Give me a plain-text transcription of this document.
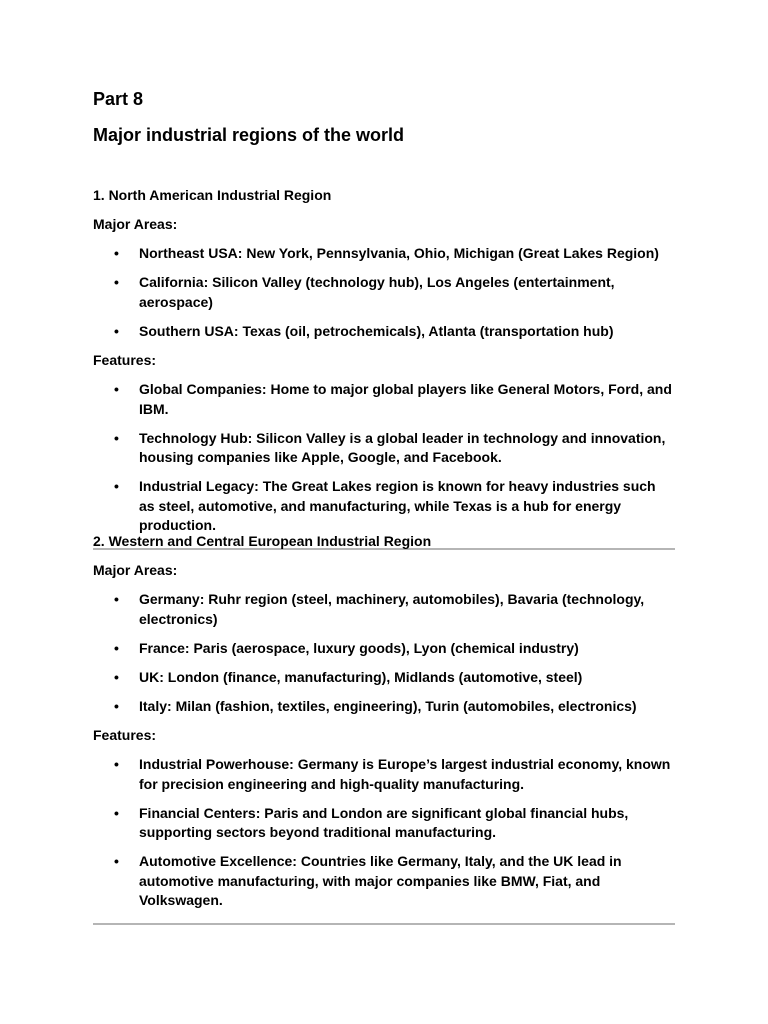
Part 8
Major industrial regions of the world
1. North American Industrial Region

Major Areas:

• Northeast USA: New York, Pennsylvania, Ohio, Michigan (Great Lakes Region)
• California: Silicon Valley (technology hub), Los Angeles (entertainment, aerospace)
• Southern USA: Texas (oil, petrochemicals), Atlanta (transportation hub)

Features:

• Global Companies: Home to major global players like General Motors, Ford, and IBM.
• Technology Hub: Silicon Valley is a global leader in technology and innovation, housing companies like Apple, Google, and Facebook.
• Industrial Legacy: The Great Lakes region is known for heavy industries such as steel, automotive, and manufacturing, while Texas is a hub for energy production.
2. Western and Central European Industrial Region

Major Areas:

• Germany: Ruhr region (steel, machinery, automobiles), Bavaria (technology, electronics)
• France: Paris (aerospace, luxury goods), Lyon (chemical industry)
• UK: London (finance, manufacturing), Midlands (automotive, steel)
• Italy: Milan (fashion, textiles, engineering), Turin (automobiles, electronics)

Features:

• Industrial Powerhouse: Germany is Europe’s largest industrial economy, known for precision engineering and high-quality manufacturing.
• Financial Centers: Paris and London are significant global financial hubs, supporting sectors beyond traditional manufacturing.
• Automotive Excellence: Countries like Germany, Italy, and the UK lead in automotive manufacturing, with major companies like BMW, Fiat, and Volkswagen.
